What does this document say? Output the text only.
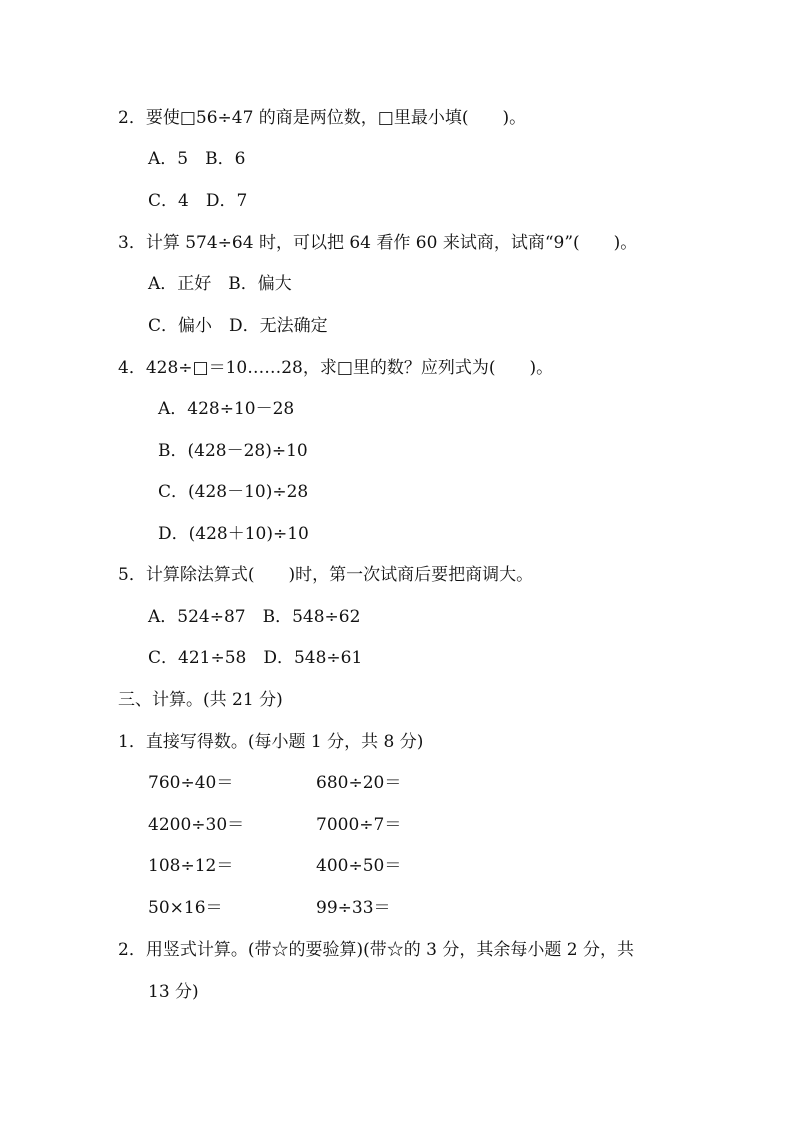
2．要使□56÷47 的商是两位数，□里最小填(　　)。
A．5　B．6
C．4　D．7
3．计算 574÷64 时，可以把 64 看作 60 来试商，试商“9”(　　)。
A．正好　B．偏大
C．偏小　D．无法确定
4．428÷□＝10……28，求□里的数？应列式为(　　)。
A．428÷10－28
B．(428－28)÷10
C．(428－10)÷28
D．(428＋10)÷10
5．计算除法算式(　　)时，第一次试商后要把商调大。
A．524÷87　B．548÷62
C．421÷58　D．548÷61
三、计算。(共 21 分)
1．直接写得数。(每小题 1 分，共 8 分)
760÷40＝	680÷20＝
4200÷30＝	7000÷7＝
108÷12＝	400÷50＝
50×16＝	99÷33＝
2．用竖式计算。(带☆的要验算)(带☆的 3 分，其余每小题 2 分，共
13 分)
